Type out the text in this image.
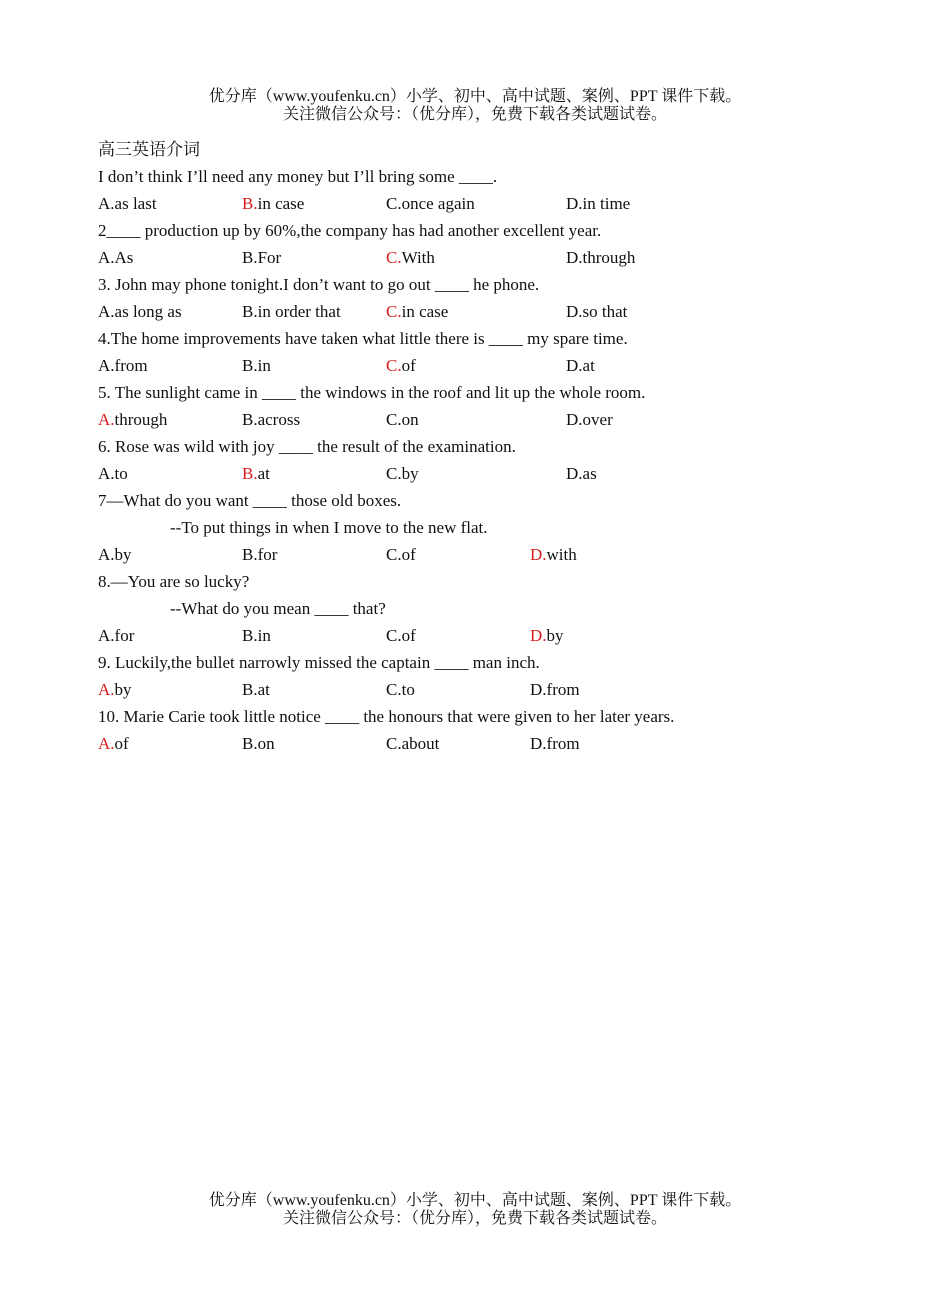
优分库（www.youfenku.cn）小学、初中、高中试题、案例、PPT 课件下载。
关注微信公众号：（优分库），免费下载各类试题试卷。
高三英语介词
I don’t think I’ll need any money but I’ll bring some ____.
A.as last	B.in case	C.once again	D.in time
2____ production up by 60%,the company has had another excellent year.
A.As	B.For	C.With	D.through
3. John may phone tonight.I don’t want to go out ____ he phone.
A.as long as	B.in order that	C.in case	D.so that
4.The home improvements have taken what little there is ____ my spare time.
A.from	B.in	C.of	D.at
5. The sunlight came in ____ the windows in the roof and lit up the whole room.
A.through	B.across	C.on	D.over
6. Rose was wild with joy ____ the result of the examination.
A.to	B.at	C.by	D.as
7—What do you want ____ those old boxes.
--To put things in when I move to the new flat.
A.by	B.for	C.of	D.with
8.—You are so lucky?
--What do you mean ____ that?
A.for	B.in	C.of	D.by
9. Luckily,the bullet narrowly missed the captain ____ man inch.
A.by	B.at	C.to	D.from
10. Marie Carie took little notice ____ the honours that were given to her later years.
A.of	B.on	C.about	D.from
优分库（www.youfenku.cn）小学、初中、高中试题、案例、PPT 课件下载。
关注微信公众号：（优分库），免费下载各类试题试卷。
